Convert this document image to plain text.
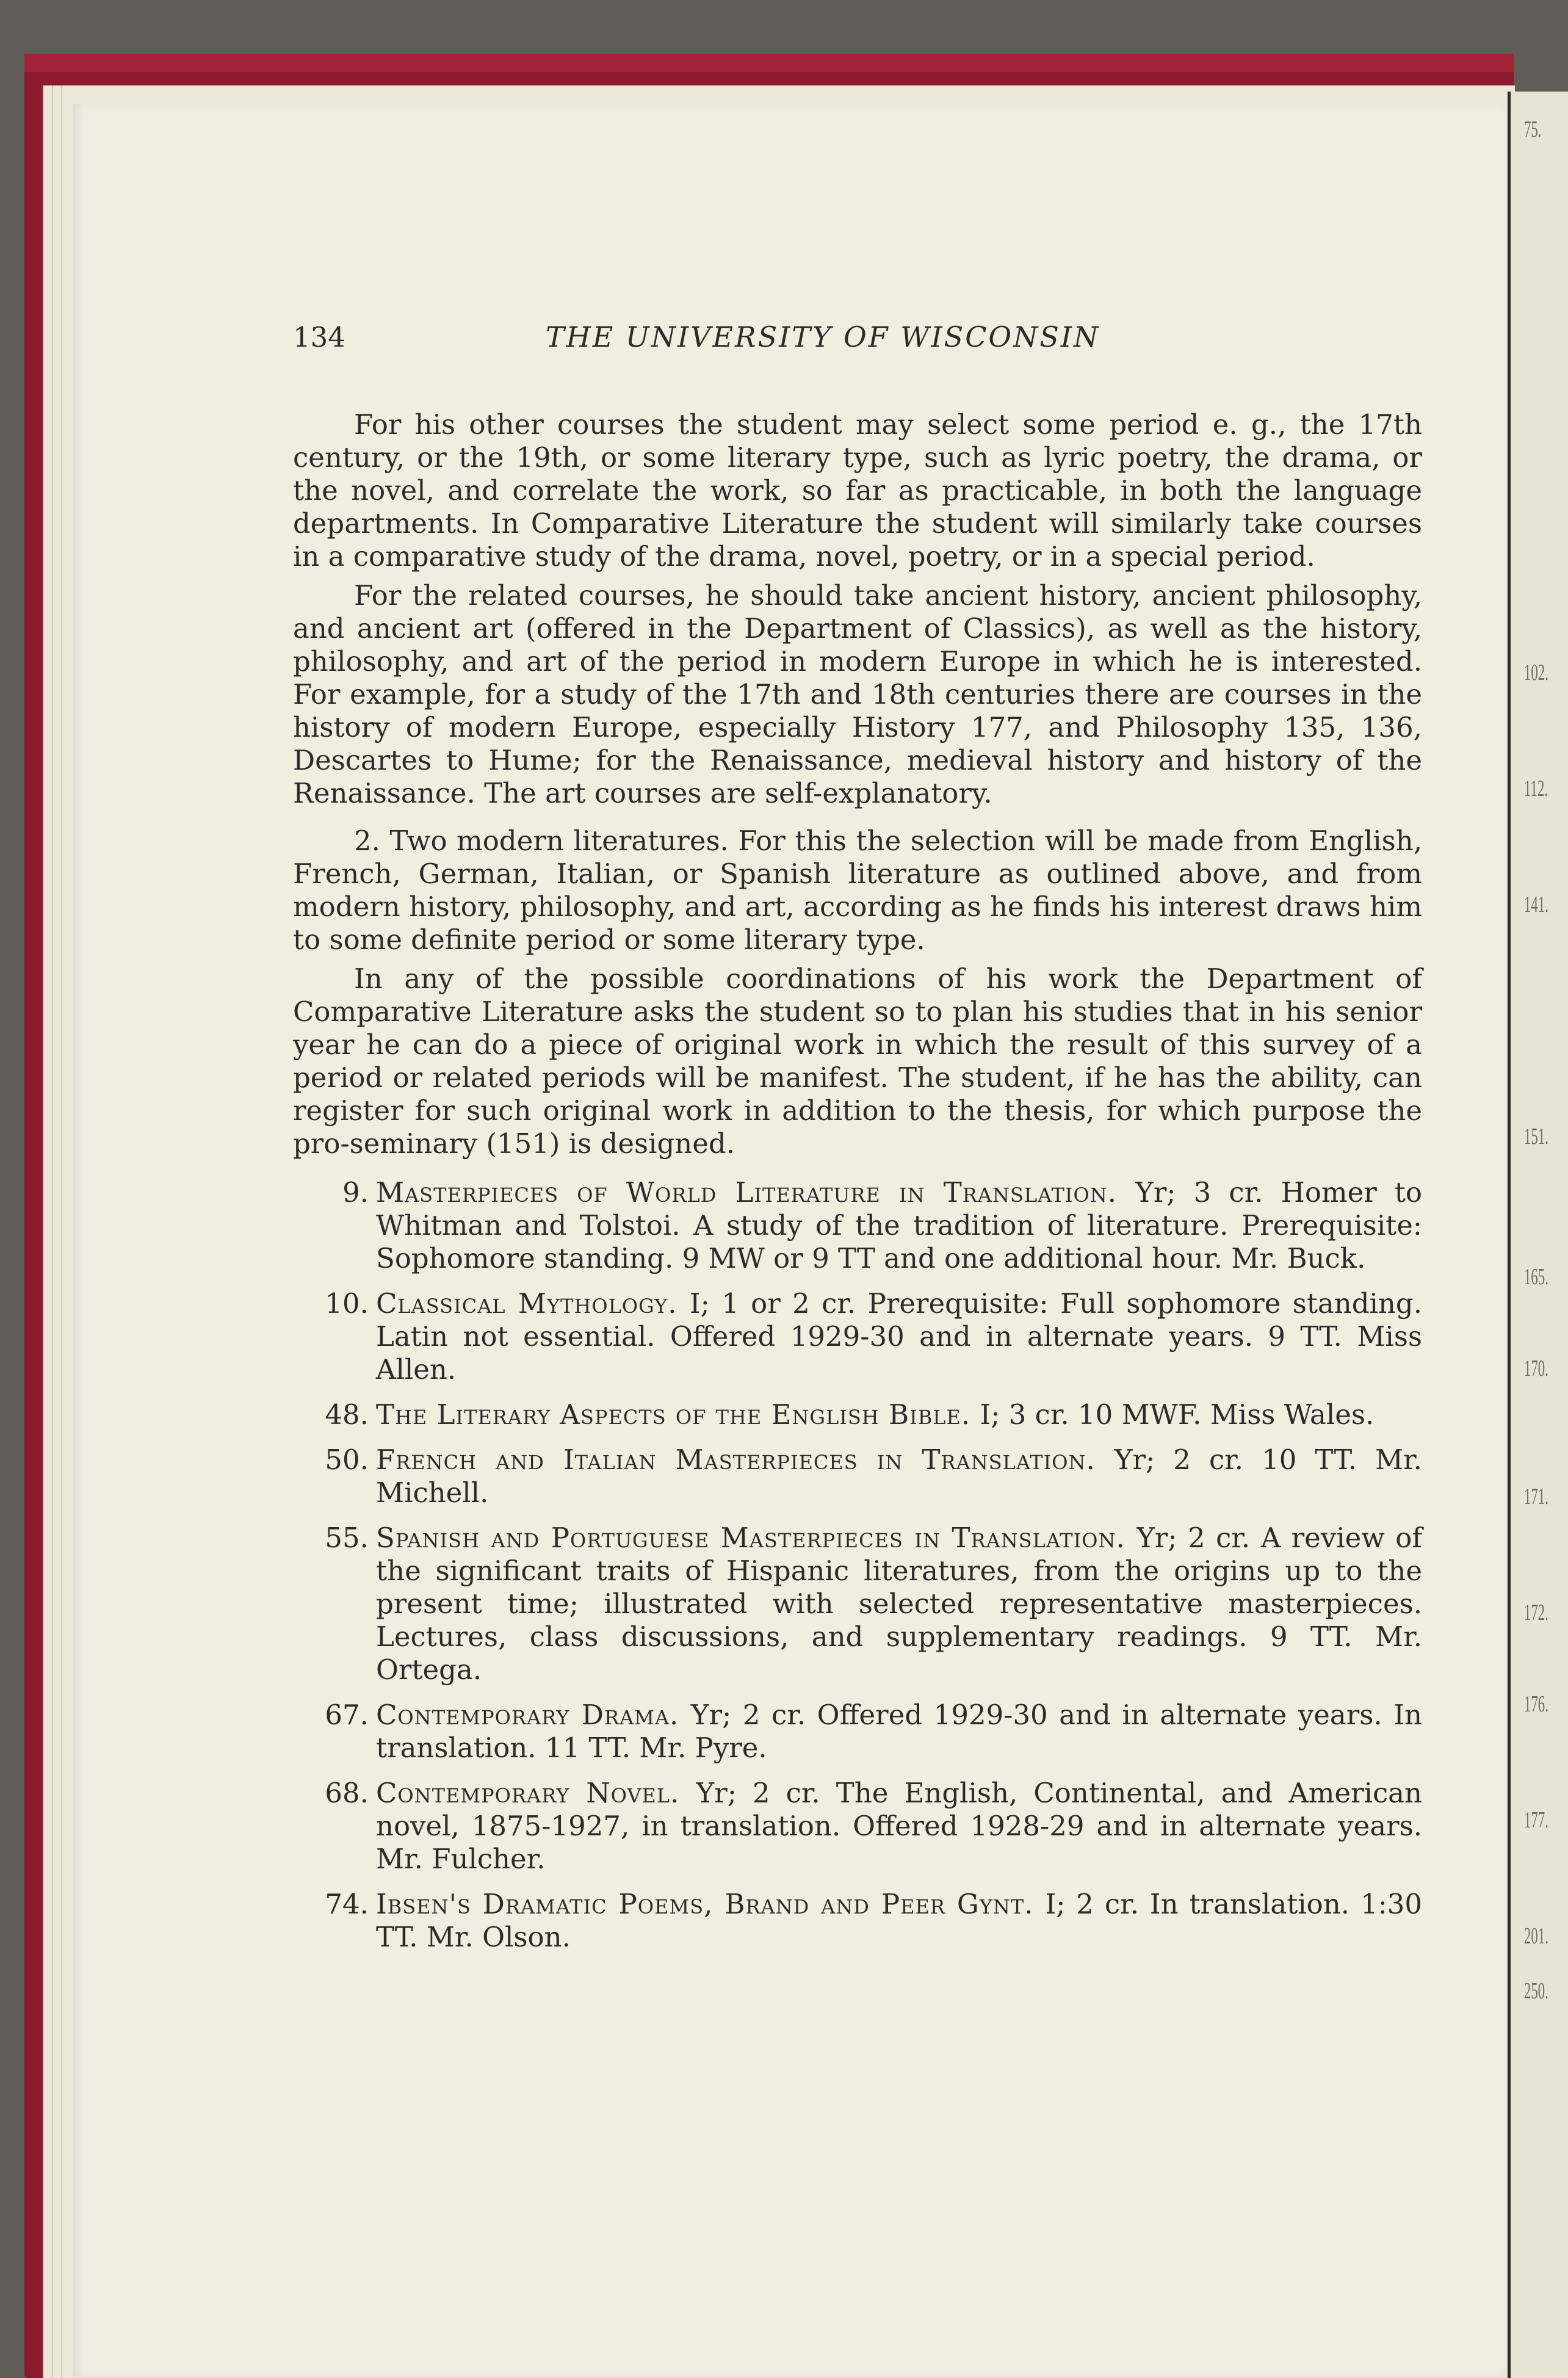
75.
102.
112.
141.
151.
165.
170.
171.
172.
176.
177.
201.
250.
134	THE UNIVERSITY OF WISCONSIN

For his other courses the student may select some period e. g., the 17th century, or the 19th, or some literary type, such as lyric poetry, the drama, or the novel, and correlate the work, so far as practicable, in both the language departments. In Comparative Literature the student will similarly take courses in a comparative study of the drama, novel, poetry, or in a special period.

For the related courses, he should take ancient history, ancient philosophy, and ancient art (offered in the Department of Classics), as well as the history, philosophy, and art of the period in modern Europe in which he is interested. For example, for a study of the 17th and 18th centuries there are courses in the history of modern Europe, especially History 177, and Philosophy 135, 136, Descartes to Hume; for the Renaissance, medieval history and history of the Renaissance. The art courses are self-explanatory.

2. Two modern literatures. For this the selection will be made from English, French, German, Italian, or Spanish literature as outlined above, and from modern history, philosophy, and art, according as he finds his interest draws him to some definite period or some literary type.

In any of the possible coordinations of his work the Department of Comparative Literature asks the student so to plan his studies that in his senior year he can do a piece of original work in which the result of this survey of a period or related periods will be manifest. The student, if he has the ability, can register for such original work in addition to the thesis, for which purpose the pro-seminary (151) is designed.

9. Masterpieces of World Literature in Translation. Yr; 3 cr. Homer to Whitman and Tolstoi. A study of the tradition of literature. Prerequisite: Sophomore standing. 9 MW or 9 TT and one additional hour. Mr. Buck.
10. Classical Mythology. I; 1 or 2 cr. Prerequisite: Full sophomore standing. Latin not essential. Offered 1929-30 and in alternate years. 9 TT. Miss Allen.
48. The Literary Aspects of the English Bible. I; 3 cr. 10 MWF. Miss Wales.
50. French and Italian Masterpieces in Translation. Yr; 2 cr. 10 TT. Mr. Michell.
55. Spanish and Portuguese Masterpieces in Translation. Yr; 2 cr. A review of the significant traits of Hispanic literatures, from the origins up to the present time; illustrated with selected representative masterpieces. Lectures, class discussions, and supplementary readings. 9 TT. Mr. Ortega.
67. Contemporary Drama. Yr; 2 cr. Offered 1929-30 and in alternate years. In translation. 11 TT. Mr. Pyre.
68. Contemporary Novel. Yr; 2 cr. The English, Continental, and American novel, 1875-1927, in translation. Offered 1928-29 and in alternate years. Mr. Fulcher.
74. Ibsen's Dramatic Poems, Brand and Peer Gynt. I; 2 cr. In translation. 1:30 TT. Mr. Olson.
